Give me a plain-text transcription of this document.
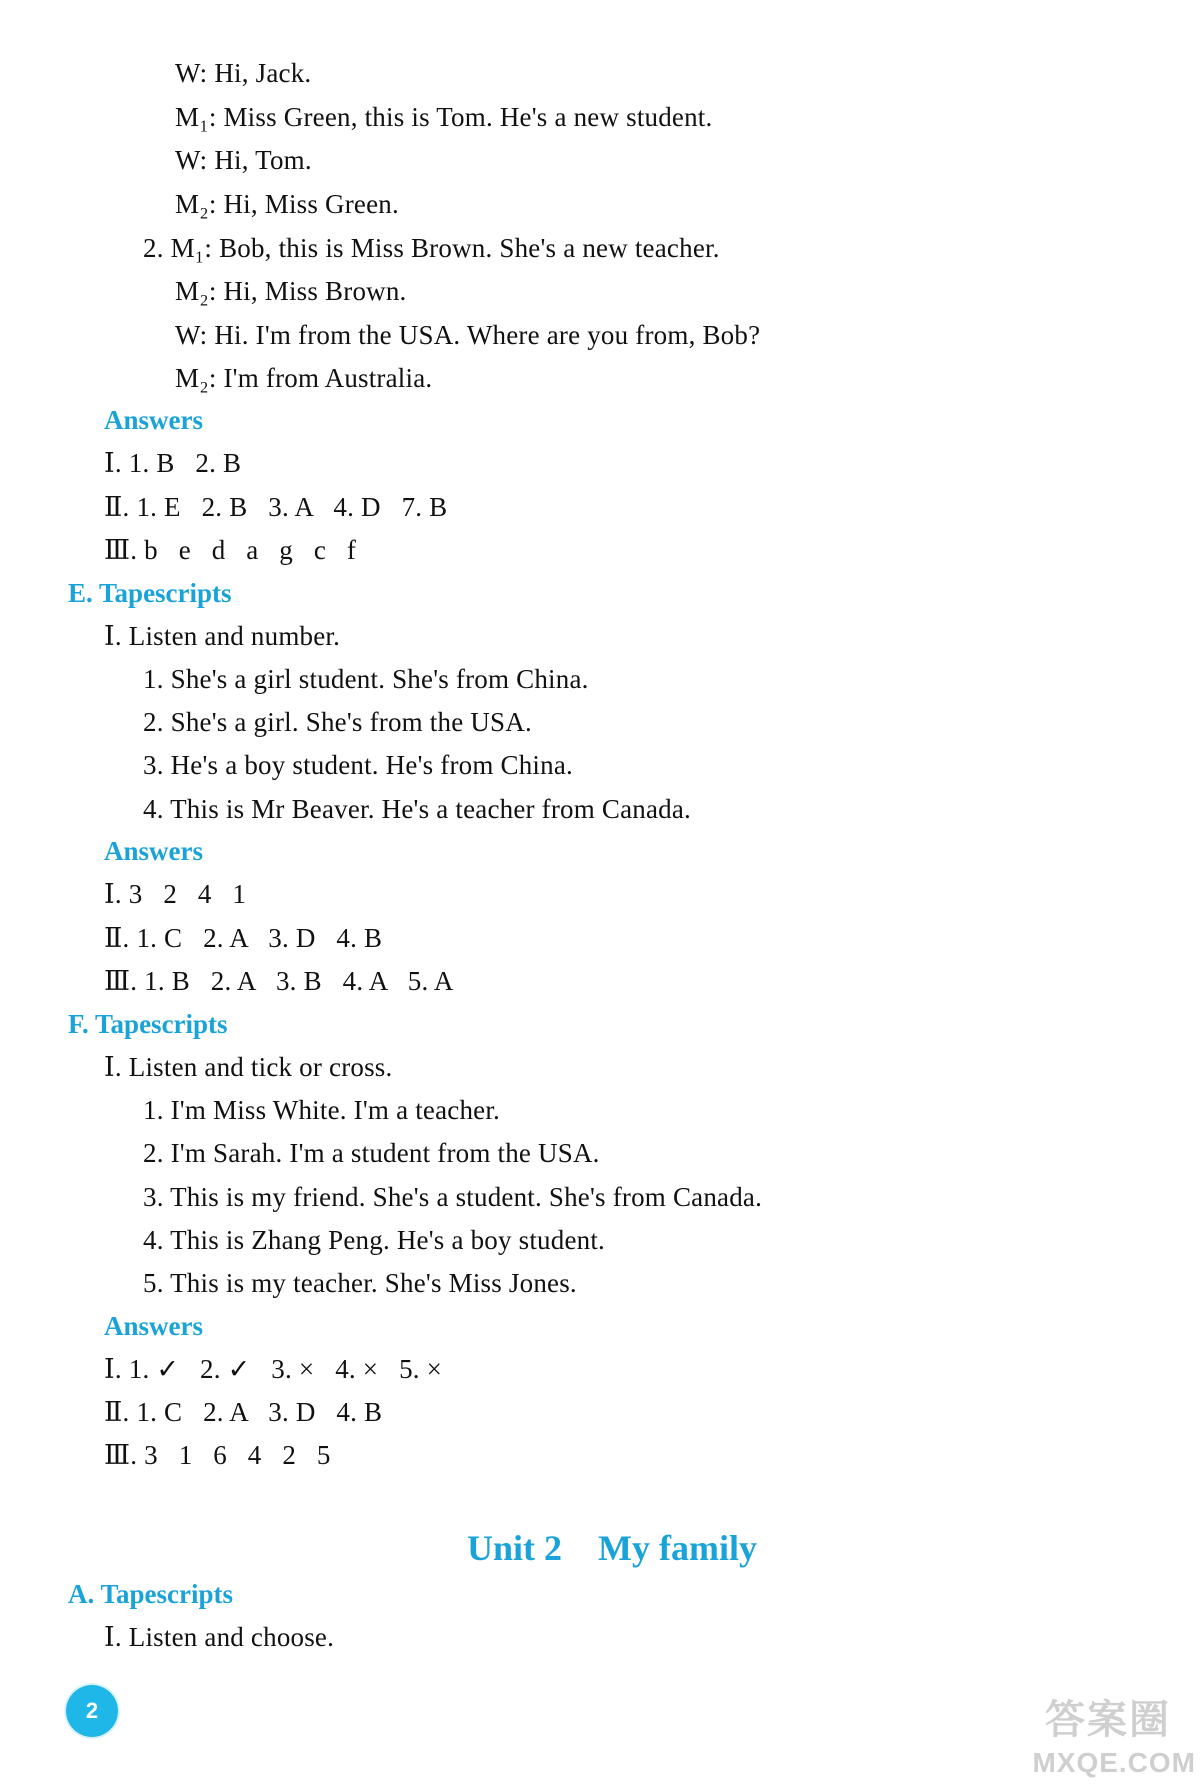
W: Hi, Jack.
M₁: Miss Green, this is Tom. He's a new student.
W: Hi, Tom.
M₂: Hi, Miss Green.
2. M₁: Bob, this is Miss Brown. She's a new teacher.
M₂: Hi, Miss Brown.
W: Hi. I'm from the USA. Where are you from, Bob?
M₂: I'm from Australia.
Answers
Ⅰ. 1. B   2. B
Ⅱ. 1. E   2. B   3. A   4. D   7. B
Ⅲ. b   e   d   a   g   c   f
E. Tapescripts
Ⅰ. Listen and number.
1. She's a girl student. She's from China.
2. She's a girl. She's from the USA.
3. He's a boy student. He's from China.
4. This is Mr Beaver. He's a teacher from Canada.
Answers
Ⅰ. 3   2   4   1
Ⅱ. 1. C   2. A   3. D   4. B
Ⅲ. 1. B   2. A   3. B   4. A   5. A
F. Tapescripts
Ⅰ. Listen and tick or cross.
1. I'm Miss White. I'm a teacher.
2. I'm Sarah. I'm a student from the USA.
3. This is my friend. She's a student. She's from Canada.
4. This is Zhang Peng. He's a boy student.
5. This is my teacher. She's Miss Jones.
Answers
Ⅰ. 1. ✓   2. ✓   3. ×   4. ×   5. ×
Ⅱ. 1. C   2. A   3. D   4. B
Ⅲ. 3   1   6   4   2   5
Unit 2    My family
A. Tapescripts
Ⅰ. Listen and choose.
2	答案圈
MXQE.COM
